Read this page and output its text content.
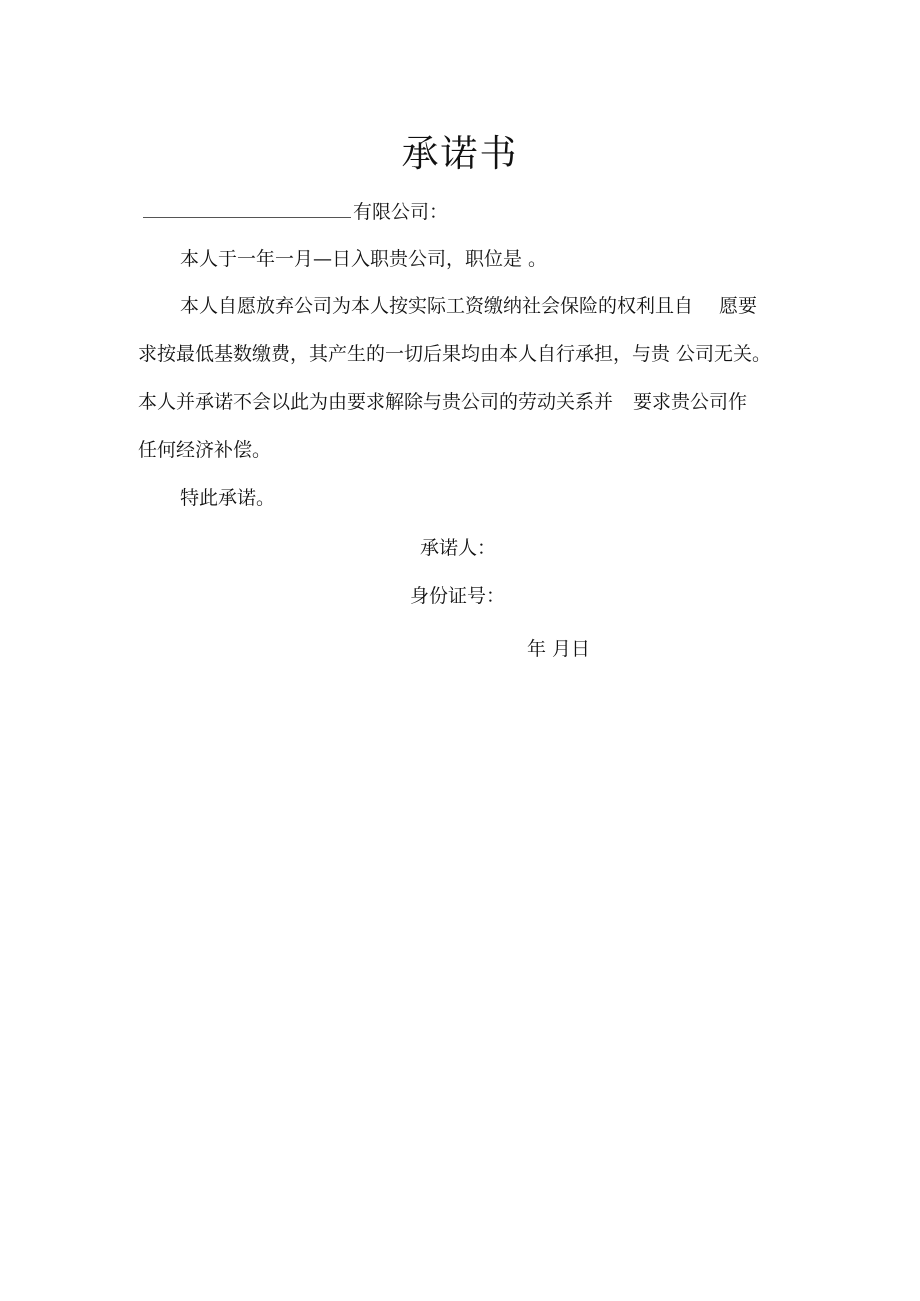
承诺书
有限公司：
本人于一年一月—日入职贵公司，职位是 。
本人自愿放弃公司为本人按实际工资缴纳社会保险的权利且自 愿要
求按最低基数缴费，其产生的一切后果均由本人自行承担，与贵 公司无关。
本人并承诺不会以此为由要求解除与贵公司的劳动关系并 要求贵公司作
任何经济补偿。
特此承诺。
承诺人：
身份证号：
年 月日
